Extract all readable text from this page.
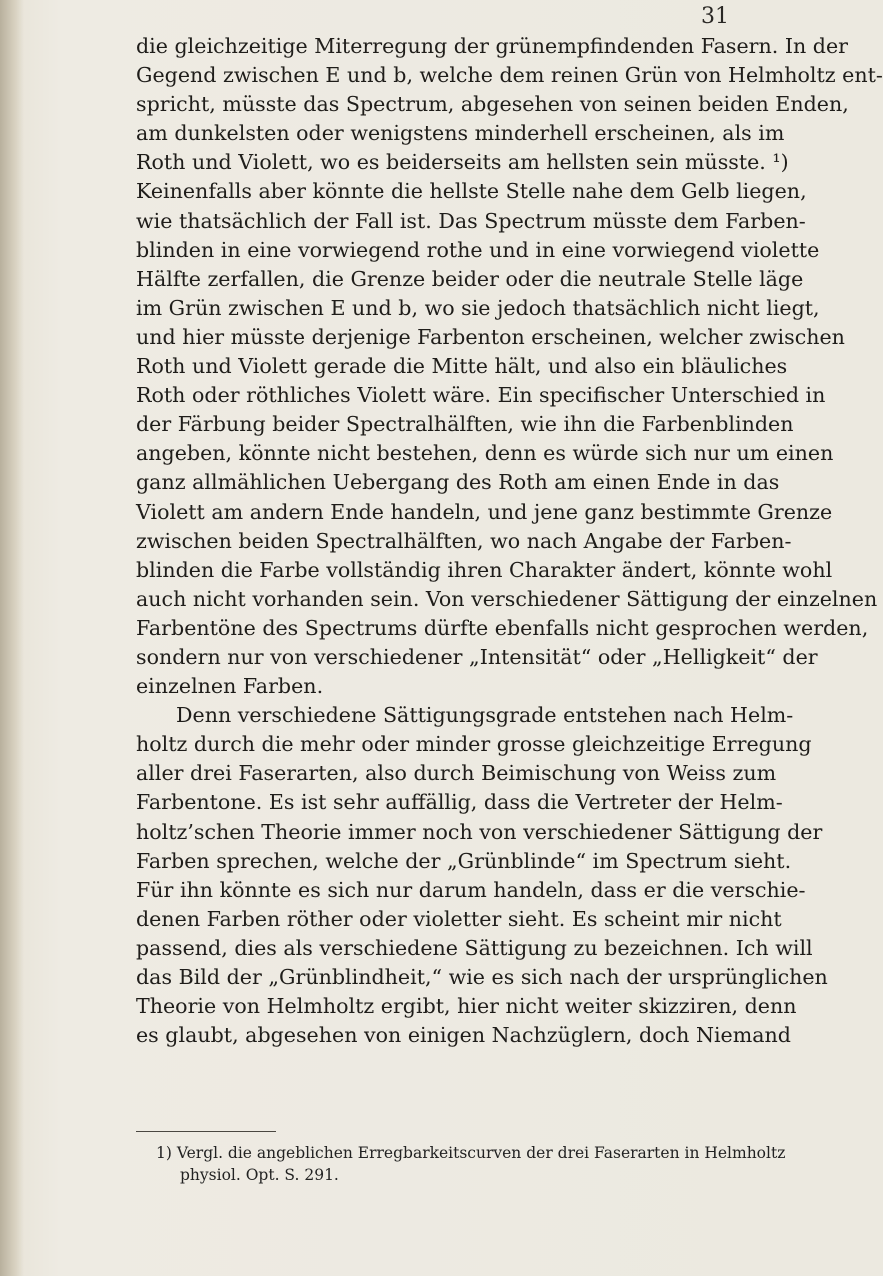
31
die gleichzeitige Miterregung der grünempfindenden Fasern. In der
Gegend zwischen E und b, welche dem reinen Grün von Helmholtz ent-
spricht, müsste das Spectrum, abgesehen von seinen beiden Enden,
am dunkelsten oder wenigstens minderhell erscheinen, als im
Roth und Violett, wo es beiderseits am hellsten sein müsste. ¹)
Keinenfalls aber könnte die hellste Stelle nahe dem Gelb liegen,
wie thatsächlich der Fall ist. Das Spectrum müsste dem Farben-
blinden in eine vorwiegend rothe und in eine vorwiegend violette
Hälfte zerfallen, die Grenze beider oder die neutrale Stelle läge
im Grün zwischen E und b, wo sie jedoch thatsächlich nicht liegt,
und hier müsste derjenige Farbenton erscheinen, welcher zwischen
Roth und Violett gerade die Mitte hält, und also ein bläuliches
Roth oder röthliches Violett wäre. Ein specifischer Unterschied in
der Färbung beider Spectralhälften, wie ihn die Farbenblinden
angeben, könnte nicht bestehen, denn es würde sich nur um einen
ganz allmählichen Uebergang des Roth am einen Ende in das
Violett am andern Ende handeln, und jene ganz bestimmte Grenze
zwischen beiden Spectralhälften, wo nach Angabe der Farben-
blinden die Farbe vollständig ihren Charakter ändert, könnte wohl
auch nicht vorhanden sein. Von verschiedener Sättigung der einzelnen
Farbentöne des Spectrums dürfte ebenfalls nicht gesprochen werden,
sondern nur von verschiedener „Intensität“ oder „Helligkeit“ der
einzelnen Farben.
Denn verschiedene Sättigungsgrade entstehen nach Helm-
holtz durch die mehr oder minder grosse gleichzeitige Erregung
aller drei Faserarten, also durch Beimischung von Weiss zum
Farbentone. Es ist sehr auffällig, dass die Vertreter der Helm-
holtz’schen Theorie immer noch von verschiedener Sättigung der
Farben sprechen, welche der „Grünblinde“ im Spectrum sieht.
Für ihn könnte es sich nur darum handeln, dass er die verschie-
denen Farben röther oder violetter sieht. Es scheint mir nicht
passend, dies als verschiedene Sättigung zu bezeichnen. Ich will
das Bild der „Grünblindheit,“ wie es sich nach der ursprünglichen
Theorie von Helmholtz ergibt, hier nicht weiter skizziren, denn
es glaubt, abgesehen von einigen Nachzüglern, doch Niemand
1) Vergl. die angeblichen Erregbarkeitscurven der drei Faserarten in Helmholtz
physiol. Opt. S. 291.
